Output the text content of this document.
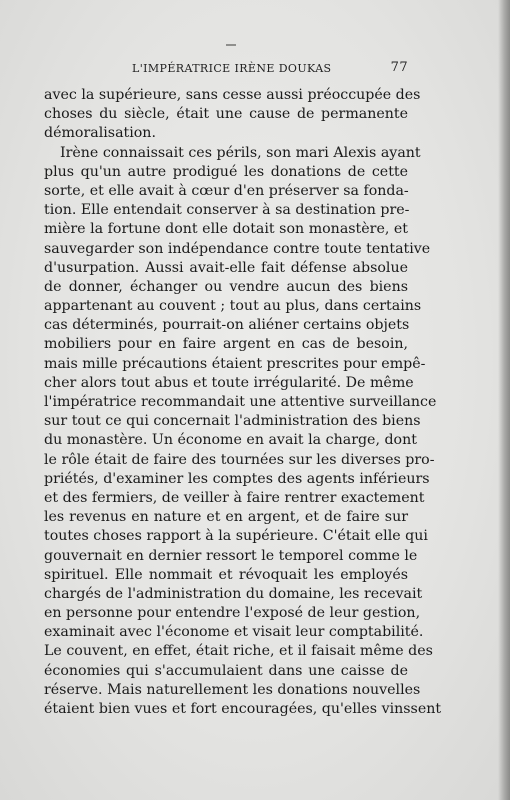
L'IMPÉRATRICE IRÈNE DOUKAS	77
avec la supérieure, sans cesse aussi préoccupée des
choses du siècle, était une cause de permanente
démoralisation.
Irène connaissait ces périls, son mari Alexis ayant
plus qu'un autre prodigué les donations de cette
sorte, et elle avait à cœur d'en préserver sa fonda-
tion. Elle entendait conserver à sa destination pre-
mière la fortune dont elle dotait son monastère, et
sauvegarder son indépendance contre toute tentative
d'usurpation. Aussi avait-elle fait défense absolue
de donner, échanger ou vendre aucun des biens
appartenant au couvent ; tout au plus, dans certains
cas déterminés, pourrait-on aliéner certains objets
mobiliers pour en faire argent en cas de besoin,
mais mille précautions étaient prescrites pour empê-
cher alors tout abus et toute irrégularité. De même
l'impératrice recommandait une attentive surveillance
sur tout ce qui concernait l'administration des biens
du monastère. Un économe en avait la charge, dont
le rôle était de faire des tournées sur les diverses pro-
priétés, d'examiner les comptes des agents inférieurs
et des fermiers, de veiller à faire rentrer exactement
les revenus en nature et en argent, et de faire sur
toutes choses rapport à la supérieure. C'était elle qui
gouvernait en dernier ressort le temporel comme le
spirituel. Elle nommait et révoquait les employés
chargés de l'administration du domaine, les recevait
en personne pour entendre l'exposé de leur gestion,
examinait avec l'économe et visait leur comptabilité.
Le couvent, en effet, était riche, et il faisait même des
économies qui s'accumulaient dans une caisse de
réserve. Mais naturellement les donations nouvelles
étaient bien vues et fort encouragées, qu'elles vinssent
